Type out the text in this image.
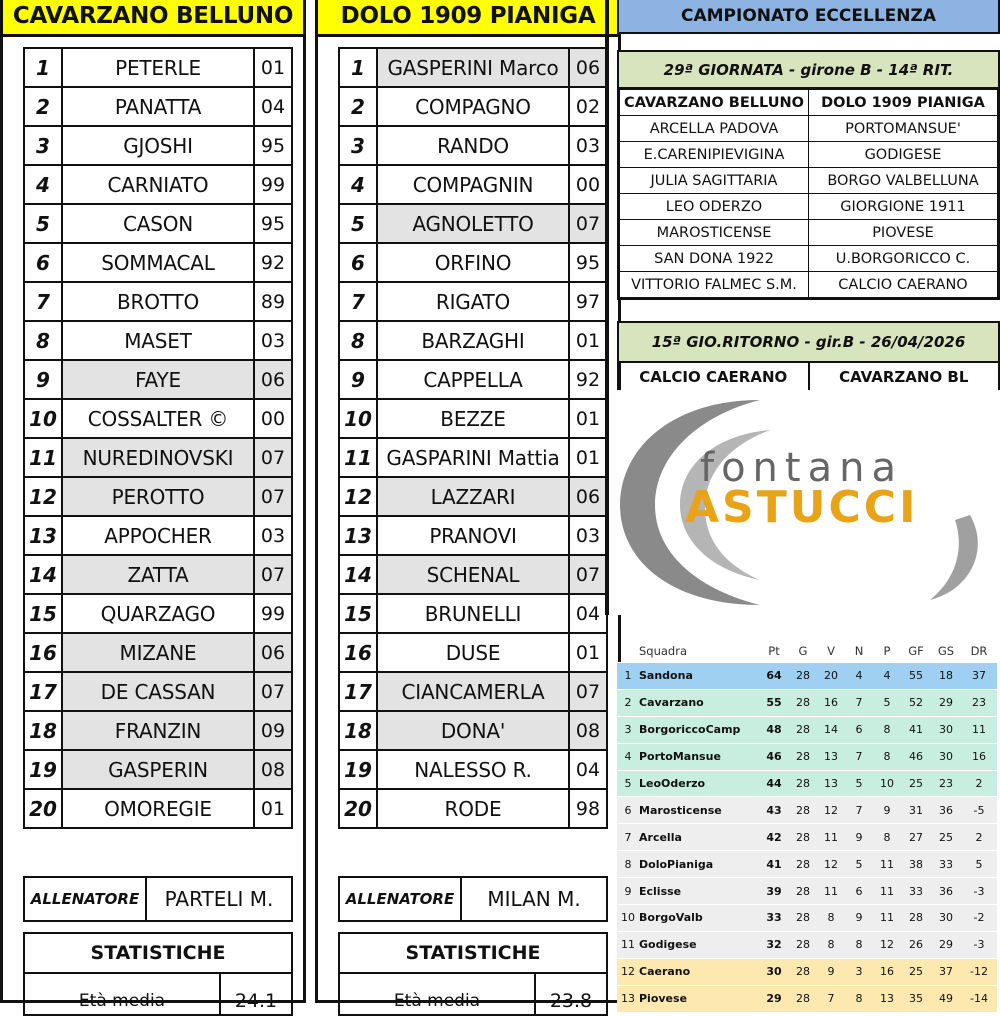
CAVARZANO BELLUNO
1	PETERLE	01
2	PANATTA	04
3	GJOSHI	95
4	CARNIATO	99
5	CASON	95
6	SOMMACAL	92
7	BROTTO	89
8	MASET	03
9	FAYE	06
10	COSSALTER ©	00
11	NUREDINOVSKI	07
12	PEROTTO	07
13	APPOCHER	03
14	ZATTA	07
15	QUARZAGO	99
16	MIZANE	06
17	DE CASSAN	07
18	FRANZIN	09
19	GASPERIN	08
20	OMOREGIE	01
ALLENATORE	PARTELI M.
STATISTICHE
Età media	24.1
DOLO 1909 PIANIGA
1	GASPERINI Marco	06
2	COMPAGNO	02
3	RANDO	03
4	COMPAGNIN	00
5	AGNOLETTO	07
6	ORFINO	95
7	RIGATO	97
8	BARZAGHI	01
9	CAPPELLA	92
10	BEZZE	01
11	GASPARINI Mattia	01
12	LAZZARI	06
13	PRANOVI	03
14	SCHENAL	07
15	BRUNELLI	04
16	DUSE	01
17	CIANCAMERLA	07
18	DONA'	08
19	NALESSO R.	04
20	RODE	98
ALLENATORE	MILAN M.
STATISTICHE
Età media	23.8
CAMPIONATO ECCELLENZA
29ª GIORNATA - girone B - 14ª RIT.
CAVARZANO BELLUNO	DOLO 1909 PIANIGA
ARCELLA PADOVA	PORTOMANSUE'
E.CARENIPIEVIGINA	GODIGESE
JULIA SAGITTARIA	BORGO VALBELLUNA
LEO ODERZO	GIORGIONE 1911
MAROSTICENSE	PIOVESE
SAN DONA 1922	U.BORGORICCO C.
VITTORIO FALMEC S.M.	CALCIO CAERANO
15ª GIO.RITORNO - gir.B - 26/04/2026
CALCIO CAERANO	CAVARZANO BL
fontana
ASTUCCI
	Squadra	Pt	G	V	N	P	GF	GS	DR
1	Sandona	64	28	20	4	4	55	18	37
2	Cavarzano	55	28	16	7	5	52	29	23
3	BorgoriccoCamp	48	28	14	6	8	41	30	11
4	PortoMansue	46	28	13	7	8	46	30	16
5	LeoOderzo	44	28	13	5	10	25	23	2
6	Marosticense	43	28	12	7	9	31	36	-5
7	Arcella	42	28	11	9	8	27	25	2
8	DoloPianiga	41	28	12	5	11	38	33	5
9	Eclisse	39	28	11	6	11	33	36	-3
10	BorgoValb	33	28	8	9	11	28	30	-2
11	Godigese	32	28	8	8	12	26	29	-3
12	Caerano	30	28	9	3	16	25	37	-12
13	Piovese	29	28	7	8	13	35	49	-14
